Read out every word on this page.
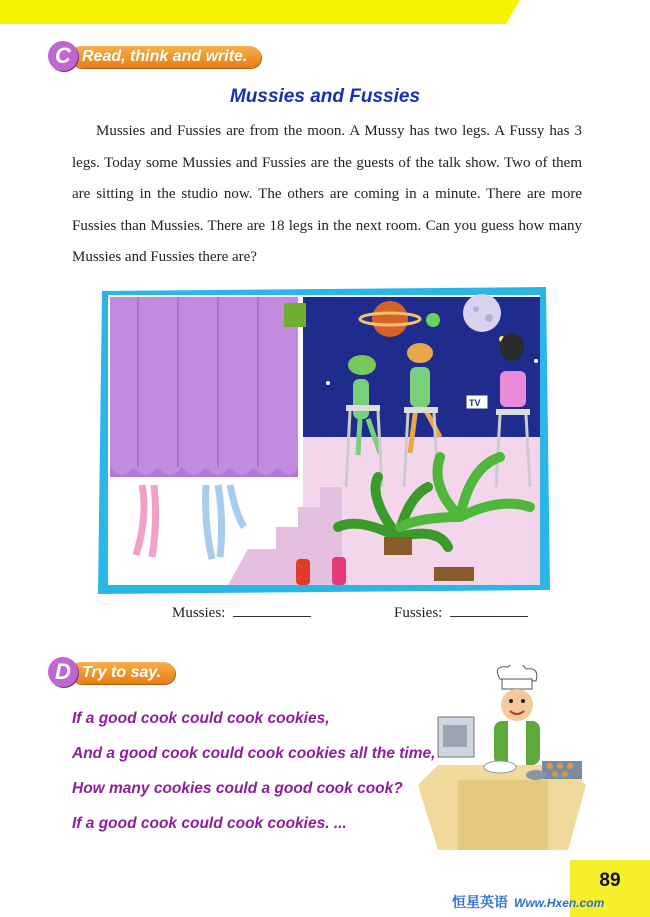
Read, think and write.
C
Mussies and Fussies

Mussies and Fussies are from the moon. A Mussy has two legs. A Fussy has 3 legs. Today some Mussies and Fussies are the guests of the talk show. Two of them are sitting in the studio now. The others are coming in a minute. There are more Fussies than Mussies. There are 18 legs in the next room. Can you guess how many Mussies and Fussies there are?

TV
Mussies:	Fussies:
Try to say.
D
If a good cook could cook cookies,
And a good cook could cook cookies all the time,
How many cookies could a good cook cook?
If a good cook could cook cookies. ...
89
恒星英语 Www.Hxen.com
